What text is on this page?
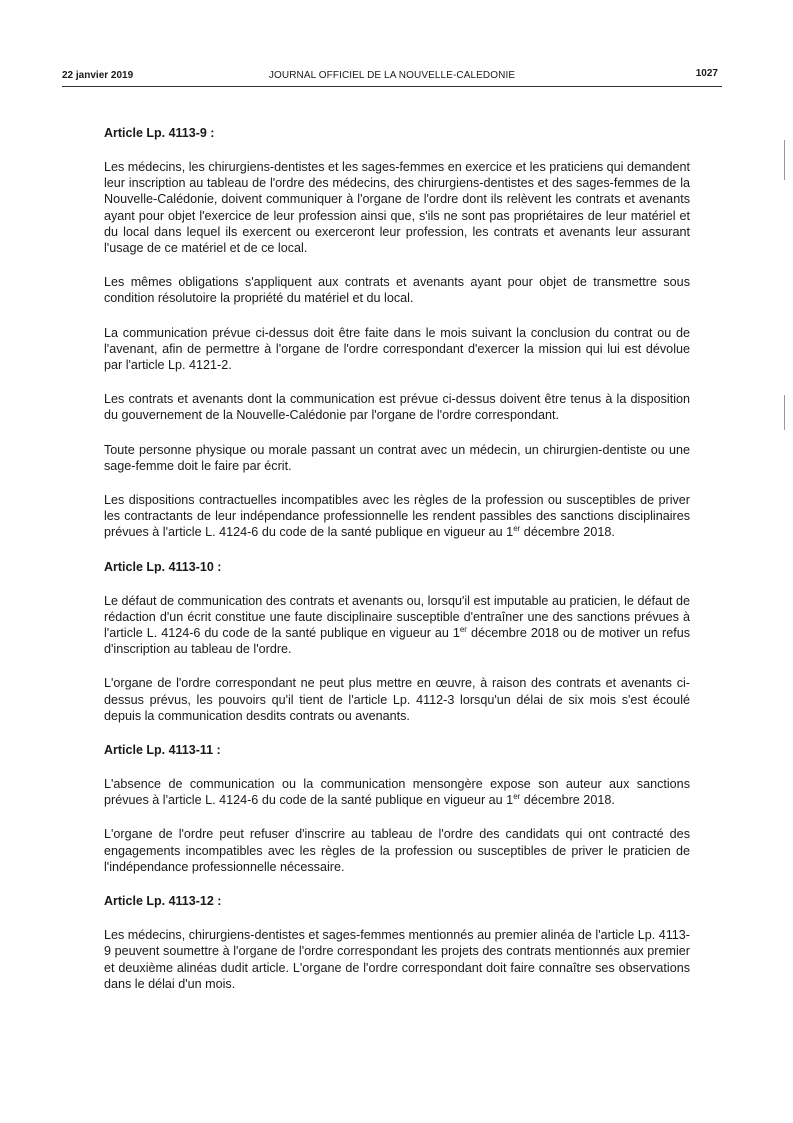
22 janvier 2019	JOURNAL OFFICIEL DE LA NOUVELLE-CALEDONIE	1027
Article Lp. 4113-9 :

Les médecins, les chirurgiens-dentistes et les sages-femmes en exercice et les praticiens qui demandent leur inscription au tableau de l'ordre des médecins, des chirurgiens-dentistes et des sages-femmes de la Nouvelle-Calédonie, doivent communiquer à l'organe de l'ordre dont ils relèvent les contrats et avenants ayant pour objet l'exercice de leur profession ainsi que, s'ils ne sont pas propriétaires de leur matériel et du local dans lequel ils exercent ou exerceront leur profession, les contrats et avenants leur assurant l'usage de ce matériel et de ce local.

Les mêmes obligations s'appliquent aux contrats et avenants ayant pour objet de transmettre sous condition résolutoire la propriété du matériel et du local.

La communication prévue ci-dessus doit être faite dans le mois suivant la conclusion du contrat ou de l'avenant, afin de permettre à l'organe de l'ordre correspondant d'exercer la mission qui lui est dévolue par l'article Lp. 4121-2.

Les contrats et avenants dont la communication est prévue ci-dessus doivent être tenus à la disposition du gouvernement de la Nouvelle-Calédonie par l'organe de l'ordre correspondant.

Toute personne physique ou morale passant un contrat avec un médecin, un chirurgien-dentiste ou une sage-femme doit le faire par écrit.

Les dispositions contractuelles incompatibles avec les règles de la profession ou susceptibles de priver les contractants de leur indépendance professionnelle les rendent passibles des sanctions disciplinaires prévues à l'article L. 4124-6 du code de la santé publique en vigueur au 1er décembre 2018.

Article Lp. 4113-10 :

Le défaut de communication des contrats et avenants ou, lorsqu'il est imputable au praticien, le défaut de rédaction d'un écrit constitue une faute disciplinaire susceptible d'entraîner une des sanctions prévues à l'article L. 4124-6 du code de la santé publique en vigueur au 1er décembre 2018 ou de motiver un refus d'inscription au tableau de l'ordre.

L'organe de l'ordre correspondant ne peut plus mettre en œuvre, à raison des contrats et avenants ci-dessus prévus, les pouvoirs qu'il tient de l'article Lp. 4112-3 lorsqu'un délai de six mois s'est écoulé depuis la communication desdits contrats ou avenants.

Article Lp. 4113-11 :

L'absence de communication ou la communication mensongère expose son auteur aux sanctions prévues à l'article L. 4124-6 du code de la santé publique en vigueur au 1er décembre 2018.

L'organe de l'ordre peut refuser d'inscrire au tableau de l'ordre des candidats qui ont contracté des engagements incompatibles avec les règles de la profession ou susceptibles de priver le praticien de l'indépendance professionnelle nécessaire.

Article Lp. 4113-12 :

Les médecins, chirurgiens-dentistes et sages-femmes mentionnés au premier alinéa de l'article Lp. 4113-9 peuvent soumettre à l'organe de l'ordre correspondant les projets des contrats mentionnés aux premier et deuxième alinéas dudit article. L'organe de l'ordre correspondant doit faire connaître ses observations dans le délai d'un mois.
